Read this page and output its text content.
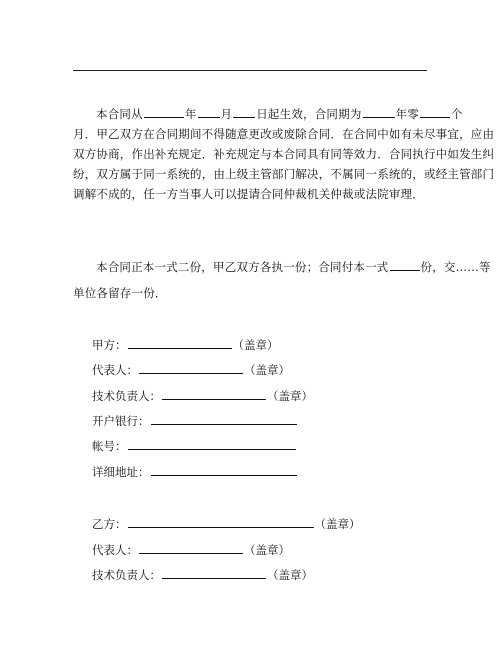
本合同从	年 月 日起生效，合同期为	年零	个
月．甲乙双方在合同期间不得随意更改或废除合同．在合同中如有未尽事宜，应由
双方协商，作出补充规定．补充规定与本合同具有同等效力．合同执行中如发生纠
纷，双方属于同一系统的，由上级主管部门解决，不属同一系统的，或经主管部门
调解不成的，任一方当事人可以提请合同仲裁机关仲裁或法院审理．
本合同正本一式二份，甲乙双方各执一份；合同付本一式	份，交……等
单位各留存一份．
甲方：	（盖章）
代表人：	（盖章）
技术负责人：	（盖章）
开户银行：
帐号：
详细地址：
乙方：	（盖章）
代表人：	（盖章）
技术负责人：	（盖章）
